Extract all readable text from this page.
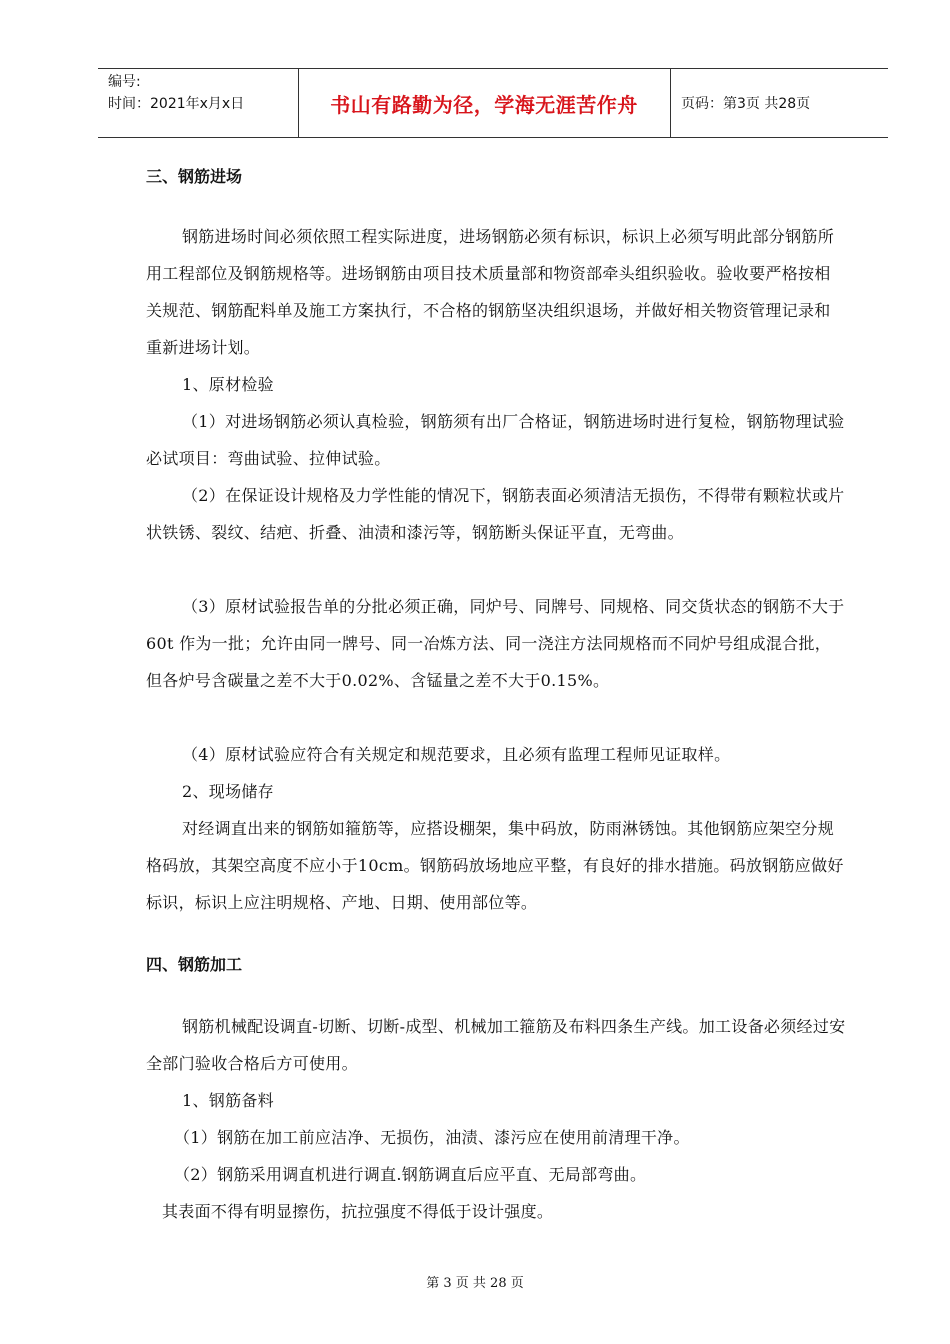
编号:
时间：2021年x月x日	书山有路勤为径，学海无涯苦作舟	页码：第3页 共28页
三、钢筋进场
钢筋进场时间必须依照工程实际进度，进场钢筋必须有标识，标识上必须写明此部分钢筋所用工程部位及钢筋规格等。进场钢筋由项目技术质量部和物资部牵头组织验收。验收要严格按相关规范、钢筋配料单及施工方案执行，不合格的钢筋坚决组织退场，并做好相关物资管理记录和重新进场计划。
1、原材检验
（1）对进场钢筋必须认真检验，钢筋须有出厂合格证，钢筋进场时进行复检，钢筋物理试验必试项目：弯曲试验、拉伸试验。
（2）在保证设计规格及力学性能的情况下，钢筋表面必须清洁无损伤，不得带有颗粒状或片状铁锈、裂纹、结疤、折叠、油渍和漆污等，钢筋断头保证平直，无弯曲。
（3）原材试验报告单的分批必须正确，同炉号、同牌号、同规格、同交货状态的钢筋不大于60t 作为一批；允许由同一牌号、同一冶炼方法、同一浇注方法同规格而不同炉号组成混合批，但各炉号含碳量之差不大于0.02%、含锰量之差不大于0.15%。
（4）原材试验应符合有关规定和规范要求，且必须有监理工程师见证取样。
2、现场储存
对经调直出来的钢筋如箍筋等，应搭设棚架，集中码放，防雨淋锈蚀。其他钢筋应架空分规格码放，其架空高度不应小于10cm。钢筋码放场地应平整，有良好的排水措施。码放钢筋应做好标识，标识上应注明规格、产地、日期、使用部位等。
四、钢筋加工
钢筋机械配设调直-切断、切断-成型、机械加工箍筋及布料四条生产线。加工设备必须经过安全部门验收合格后方可使用。
1、钢筋备料
（1）钢筋在加工前应洁净、无损伤，油渍、漆污应在使用前清理干净。
（2）钢筋采用调直机进行调直.钢筋调直后应平直、无局部弯曲。
其表面不得有明显擦伤，抗拉强度不得低于设计强度。
第 3 页 共 28 页
